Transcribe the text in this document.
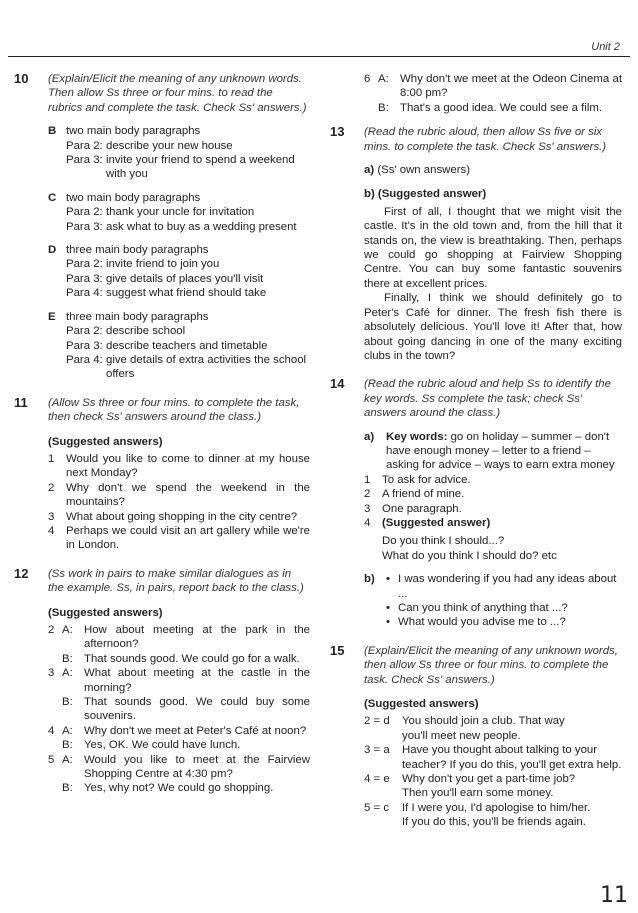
Unit 2
10 (Explain/Elicit the meaning of any unknown words. Then allow Ss three or four mins. to read the rubrics and complete the task. Check Ss' answers.)
B two main body paragraphs
Para 2: describe your new house
Para 3: invite your friend to spend a weekend with you
C two main body paragraphs
Para 2: thank your uncle for invitation
Para 3: ask what to buy as a wedding present
D three main body paragraphs
Para 2: invite friend to join you
Para 3: give details of places you'll visit
Para 4: suggest what friend should take
E three main body paragraphs
Para 2: describe school
Para 3: describe teachers and timetable
Para 4: give details of extra activities the school offers
11 (Allow Ss three or four mins. to complete the task, then check Ss' answers around the class.)
(Suggested answers)
1	Would you like to come to dinner at my house next Monday?
2	Why don't we spend the weekend in the mountains?
3	What about going shopping in the city centre?
4	Perhaps we could visit an art gallery while we're in London.
12 (Ss work in pairs to make similar dialogues as in the example. Ss, in pairs, report back to the class.)
(Suggested answers)
2 A: How about meeting at the park in the afternoon?
B: That sounds good. We could go for a walk.
3 A: What about meeting at the castle in the morning?
B: That sounds good. We could buy some souvenirs.
4 A: Why don't we meet at Peter's Café at noon?
B: Yes, OK. We could have lunch.
5 A: Would you like to meet at the Fairview Shopping Centre at 4:30 pm?
B: Yes, why not? We could go shopping.
6 A: Why don't we meet at the Odeon Cinema at 8:00 pm?
B: That's a good idea. We could see a film.
13 (Read the rubric aloud, then allow Ss five or six mins. to complete the task. Check Ss' answers.)
a) (Ss' own answers)
b) (Suggested answer)
First of all, I thought that we might visit the castle. It's in the old town and, from the hill that it stands on, the view is breathtaking. Then, perhaps we could go shopping at Fairview Shopping Centre. You can buy some fantastic souvenirs there at excellent prices.
Finally, I think we should definitely go to Peter's Café for dinner. The fresh fish there is absolutely delicious. You'll love it! After that, how about going dancing in one of the many exciting clubs in the town?
14 (Read the rubric aloud and help Ss to identify the key words. Ss complete the task; check Ss' answers around the class.)
a)	Key words: go on holiday – summer – don't have enough money – letter to a friend – asking for advice – ways to earn extra money
1	To ask for advice.
2	A friend of mine.
3	One paragraph.
4	(Suggested answer)
Do you think I should...?
What do you think I should do? etc
b) • I was wondering if you had any ideas about ...
• Can you think of anything that ...?
• What would you advise me to ...?
15 (Explain/Elicit the meaning of any unknown words, then allow Ss three or four mins. to complete the task. Check Ss' answers.)
(Suggested answers)
2 = d	You should join a club. That way
you'll meet new people.
3 = a	Have you thought about talking to your
teacher? If you do this, you'll get extra help.
4 = e	Why don't you get a part-time job?
Then you'll earn some money.
5 = c	If I were you, I'd apologise to him/her.
If you do this, you'll be friends again.
11
